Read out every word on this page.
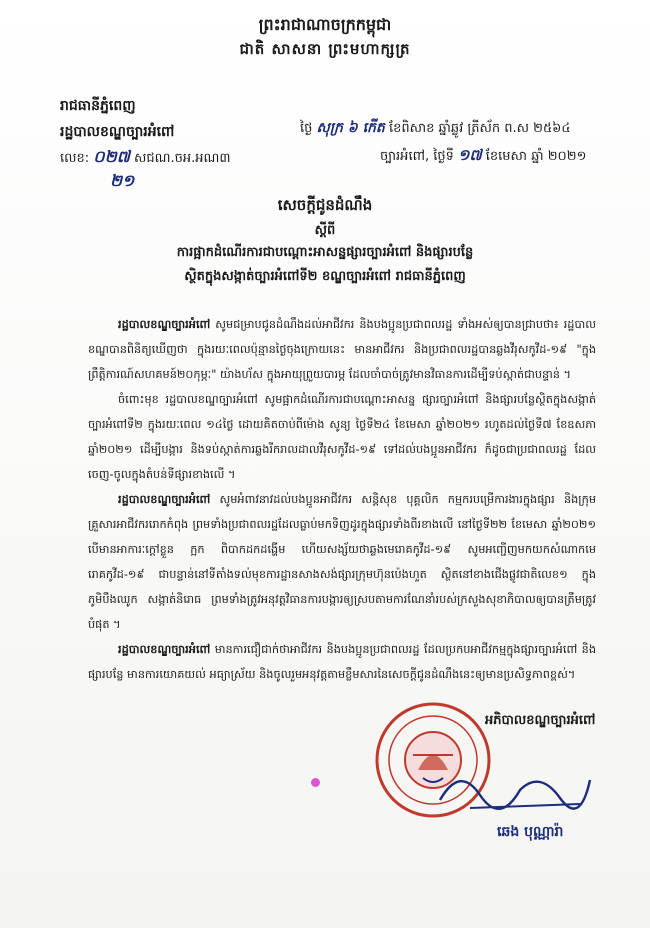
ព្រះរាជាណាចក្រកម្ពុជា
ជាតិ សាសនា ព្រះមហាក្សត្រ
រាជធានីភ្នំពេញ
រដ្ឋបាលខណ្ឌច្បារអំពៅ
លេខ: ០២៧ សជណ.ចអ.អណ៣
២១
ថ្ងៃ សុក្រ ៦ កើត ខែពិសាខ ឆ្នាំឆ្លូវ ត្រីស័ក ព.ស ២៥៦៤
ច្បារអំពៅ, ថ្ងៃទី ១៧ ខែមេសា ឆ្នាំ ២០២១
សេចក្ដីជូនដំណឹង
ស្ដីពី
ការផ្អាកដំណើរការជាបណ្ដោះអាសន្នផ្សារច្បារអំពៅ និងផ្សារបន្លែ
ស្ថិតក្នុងសង្កាត់ច្បារអំពៅទី២ ខណ្ឌច្បារអំពៅ រាជធានីភ្នំពេញ

រដ្ឋបាលខណ្ឌច្បារអំពៅ សូមជម្រាបជូនដំណឹងដល់អាជីវករ និងបងប្អូនប្រជាពលរដ្ឋ ទាំងអស់ឲ្យបានជ្រាបថា៖ រដ្ឋបាលខណ្ឌបានពិនិត្យឃើញថា ក្នុងរយៈពេលប៉ុន្មានថ្ងៃចុងក្រោយនេះ មានអាជីវករ និងប្រជាពលរដ្ឋបានឆ្លងវីរុសកូវីដ-១៩ "ក្នុងព្រឹត្តិការណ៍សហគមន៍២០កុម្ភៈ" យ៉ាងហ័ស ក្នុងអាយុព្រួយបារម្ភ ដែលចាំបាច់ត្រូវមានវិធានការដើម្បីទប់ស្កាត់ជាបន្ទាន់ ។

ចំពោះមុខ រដ្ឋបាលខណ្ឌច្បារអំពៅ សូមផ្អាកដំណើរការជាបណ្ដោះអាសន្ន ផ្សារច្បារអំពៅ និងផ្សារបន្លែស្ថិតក្នុងសង្កាត់ច្បារអំពៅទី២ ក្នុងរយៈពេល ១៤ថ្ងៃ ដោយគិតចាប់ពីម៉ោង សូន្យ ថ្ងៃទី២៤ ខែមេសា ឆ្នាំ២០២១ រហូតដល់ថ្ងៃទី៧ ខែឧសភា ឆ្នាំ២០២១ ដើម្បីបង្ការ និងទប់ស្កាត់ការឆ្លងរីករាលដាលវីរុសកូវីដ-១៩ ទៅដល់បងប្អូនអាជីវករ ក៏ដូចជាប្រជាពលរដ្ឋ ដែលចេញ-ចូលក្នុងតំបន់ទីផ្សារខាងលើ ។

រដ្ឋបាលខណ្ឌច្បារអំពៅ សូមអំពាវនាវដល់បងប្អូនអាជីវករ សន្តិសុខ បុគ្គលិក កម្មករបម្រើការងារក្នុងផ្សារ និងក្រុមគ្រួសារអាជីវកររោកកំពុង ព្រមទាំងប្រជាពលរដ្ឋដែលធ្លាប់មកទិញដូរក្នុងផ្សារទាំងពីរខាងលើ នៅថ្ងៃទី២២ ខែមេសា ឆ្នាំ២០២១ បើមានអាការៈក្ដៅខ្លួន ក្អក ពិបាកដកដង្ហើម ហើយសង្ស័យថាឆ្លងមេរោគកូវីដ-១៩ សូមអញ្ជើញមកយកសំណាកមេរោគកូវីដ-១៩ ជាបន្ទាន់នៅទីតាំងទល់មុខការដ្ឋានសាងសង់ផ្សារក្រុមហ៊ុនប៉េងហួត ស្ថិតនៅខាងជើងផ្លូវជាតិលេខ១ ក្នុងភូមិបឹងឈូក សង្កាត់និរោធ ព្រមទាំងត្រូវអនុវត្តវិធានការបង្ការឲ្យស្របតាមការណែនាំរបស់ក្រសួងសុខាភិបាលឲ្យបានត្រឹមត្រូវបំផុត ។

រដ្ឋបាលខណ្ឌច្បារអំពៅ មានការជឿជាក់ថាអាជីវករ និងបងប្អូនប្រជាពលរដ្ឋ ដែលប្រកបអាជីវកម្មក្នុងផ្សារច្បារអំពៅ និងផ្សារបន្លែ មានការយោគយល់ អធ្យាស្រ័យ និងចូលរួមអនុវត្តតាមខ្លឹមសារនៃសេចក្ដីជូនដំណឹងនេះឲ្យមានប្រសិទ្ធភាពខ្ពស់។

អភិបាលខណ្ឌច្បារអំពៅ
ឆេង បុណ្ណារ៉ា
